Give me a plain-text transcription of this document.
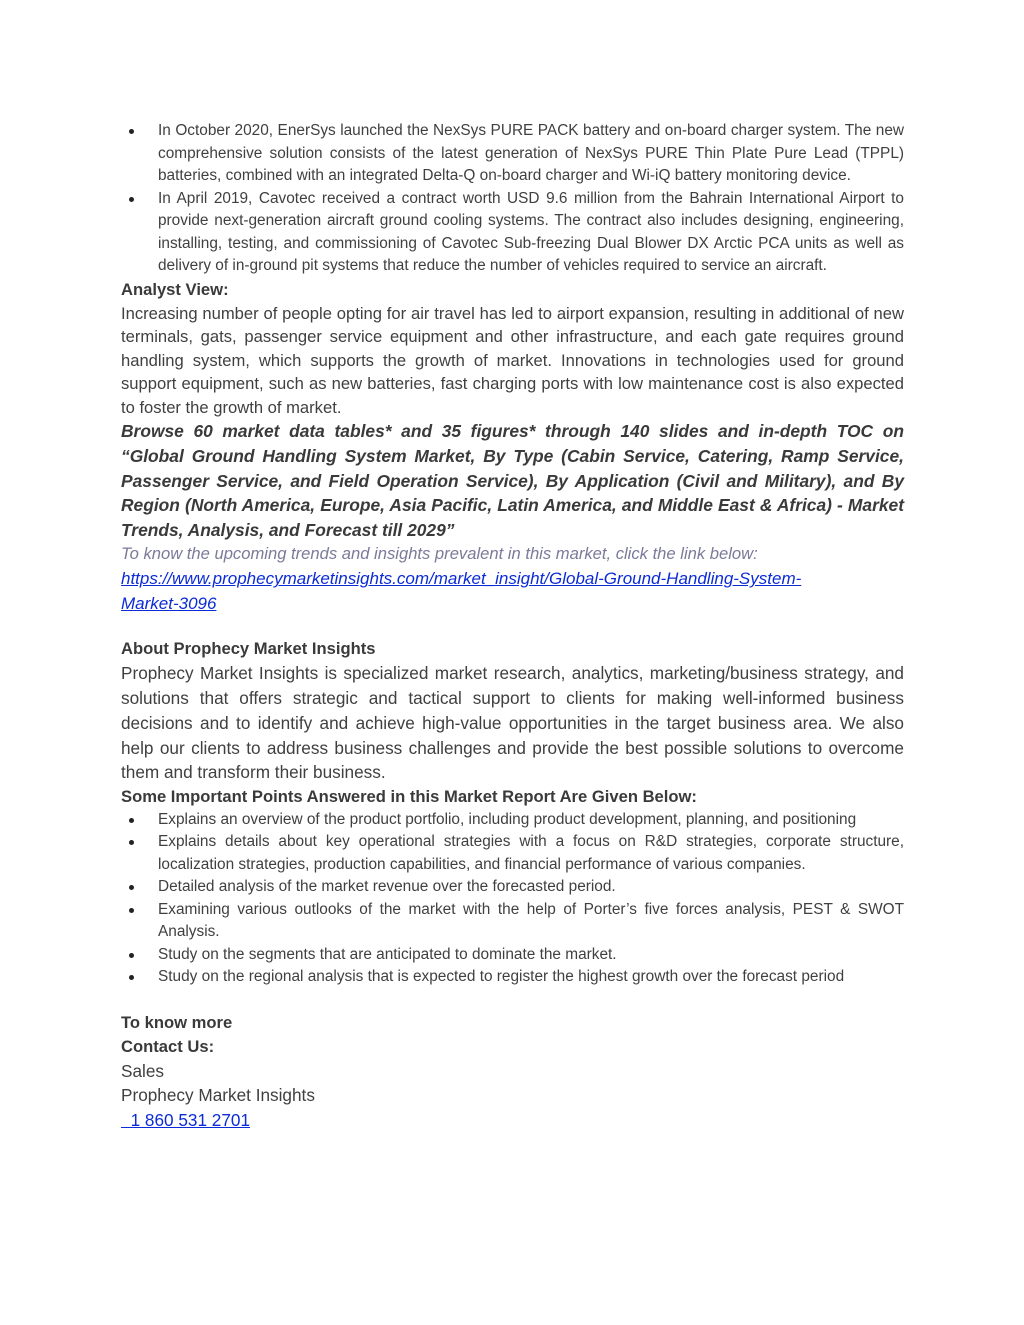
In October 2020, EnerSys launched the NexSys PURE PACK battery and on-board charger system. The new comprehensive solution consists of the latest generation of NexSys PURE Thin Plate Pure Lead (TPPL) batteries, combined with an integrated Delta-Q on-board charger and Wi-iQ battery monitoring device.
In April 2019, Cavotec received a contract worth USD 9.6 million from the Bahrain International Airport to provide next-generation aircraft ground cooling systems. The contract also includes designing, engineering, installing, testing, and commissioning of Cavotec Sub-freezing Dual Blower DX Arctic PCA units as well as delivery of in-ground pit systems that reduce the number of vehicles required to service an aircraft.
Analyst View:

Increasing number of people opting for air travel has led to airport expansion, resulting in additional of new terminals, gats, passenger service equipment and other infrastructure, and each gate requires ground handling system, which supports the growth of market. Innovations in technologies used for ground support equipment, such as new batteries, fast charging ports with low maintenance cost is also expected to foster the growth of market.

Browse 60 market data tables* and 35 figures* through 140 slides and in-depth TOC on “Global Ground Handling System Market, By Type (Cabin Service, Catering, Ramp Service, Passenger Service, and Field Operation Service), By Application (Civil and Military), and By Region (North America, Europe, Asia Pacific, Latin America, and Middle East & Africa) - Market Trends, Analysis, and Forecast till 2029”

To know the upcoming trends and insights prevalent in this market, click the link below:

https://www.prophecymarketinsights.com/market_insight/Global-Ground-Handling-System-
Market-3096
About Prophecy Market Insights

Prophecy Market Insights is specialized market research, analytics, marketing/business strategy, and solutions that offers strategic and tactical support to clients for making well-informed business decisions and to identify and achieve high-value opportunities in the target business area. We also help our clients to address business challenges and provide the best possible solutions to overcome them and transform their business.

Some Important Points Answered in this Market Report Are Given Below:
Explains an overview of the product portfolio, including product development, planning, and positioning
Explains details about key operational strategies with a focus on R&D strategies, corporate structure, localization strategies, production capabilities, and financial performance of various companies.
Detailed analysis of the market revenue over the forecasted period.
Examining various outlooks of the market with the help of Porter’s five forces analysis, PEST & SWOT Analysis.
Study on the segments that are anticipated to dominate the market.
Study on the regional analysis that is expected to register the highest growth over the forecast period
To know more
Contact Us:

Sales

Prophecy Market Insights

1 860 531 2701
